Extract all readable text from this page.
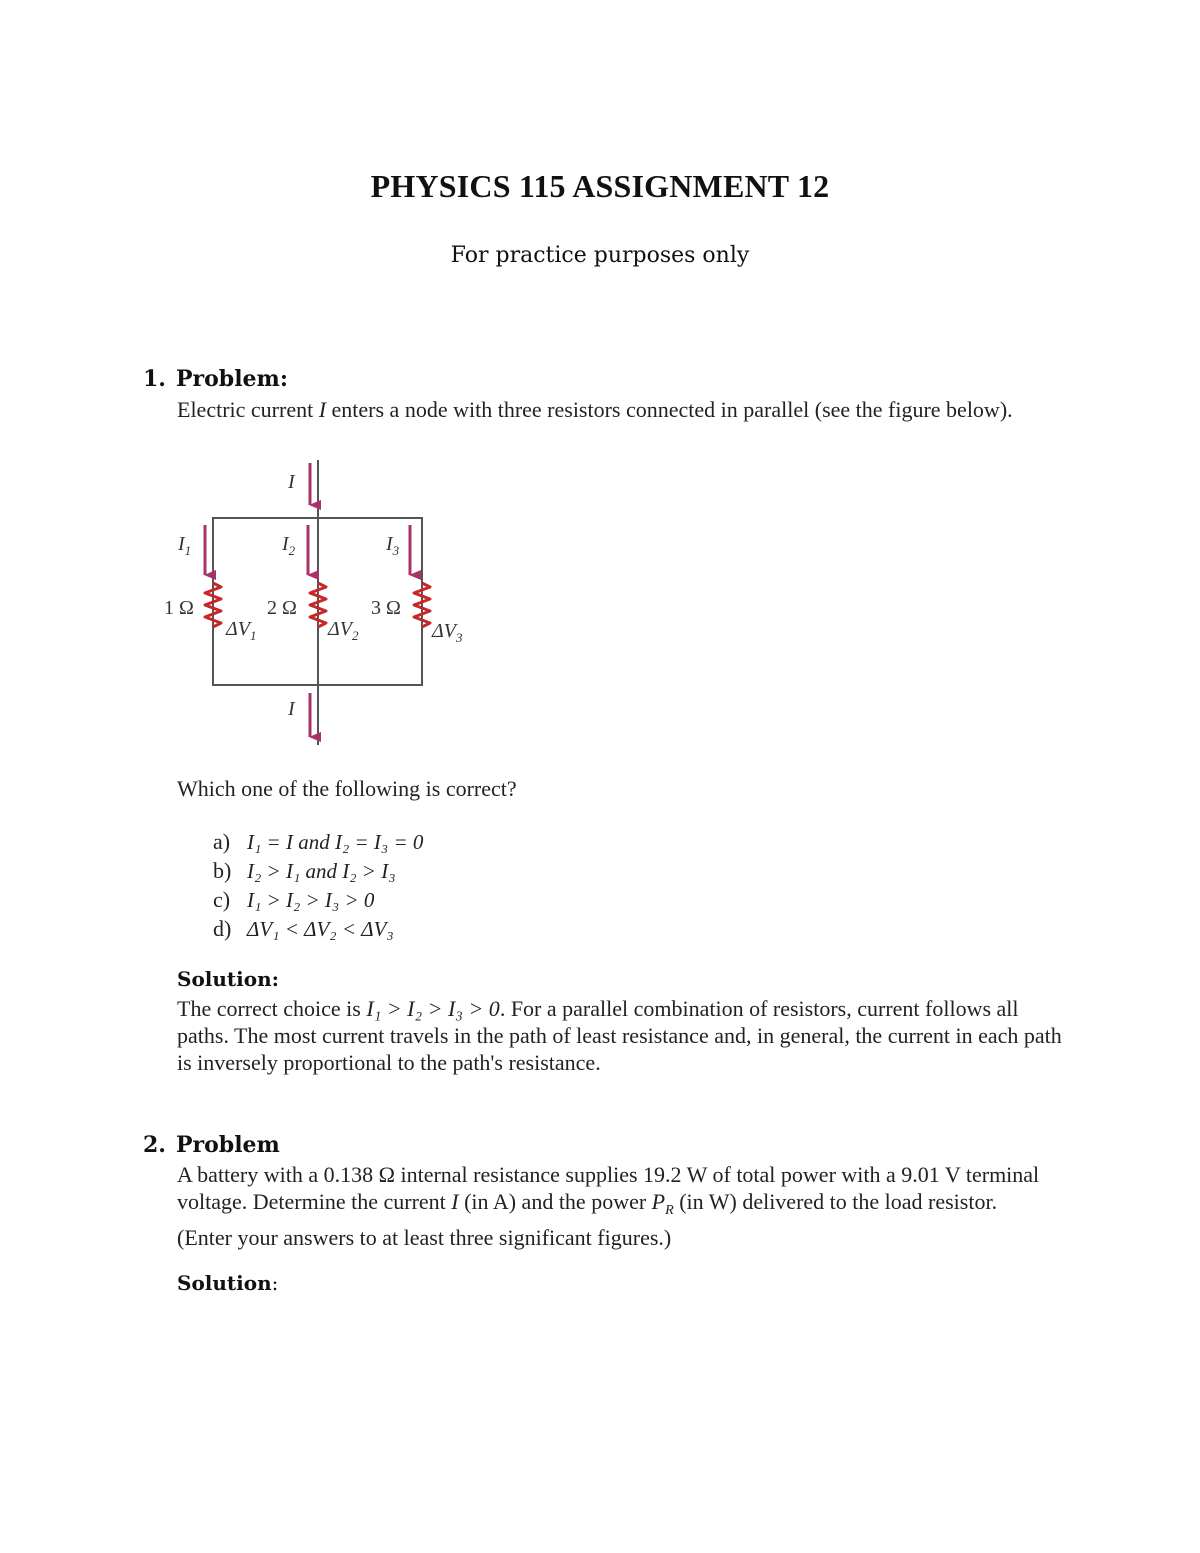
PHYSICS 115 ASSIGNMENT 12
For practice purposes only
1. Problem:
Electric current I enters a node with three resistors connected in parallel (see the figure below).
I
I
$I_1$	$I_2$	$I_3$
1 Ω	2 Ω	3 Ω
$\Delta V_1$	$\Delta V_2$	$\Delta V_3$
Which one of the following is correct?
a) I₁ = I and I₂ = I₃ = 0
b) I₂ > I₁ and I₂ > I₃
c) I₁ > I₂ > I₃ > 0
d) ΔV₁ < ΔV₂ < ΔV₃
Solution:
The correct choice is I₁ > I₂ > I₃ > 0. For a parallel combination of resistors, current follows all paths. The most current travels in the path of least resistance and, in general, the current in each path is inversely proportional to the path's resistance.
2. Problem
A battery with a 0.138 Ω internal resistance supplies 19.2 W of total power with a 9.01 V terminal voltage. Determine the current I (in A) and the power $P_R$ (in W) delivered to the load resistor. (Enter your answers to at least three significant figures.)
Solution:
